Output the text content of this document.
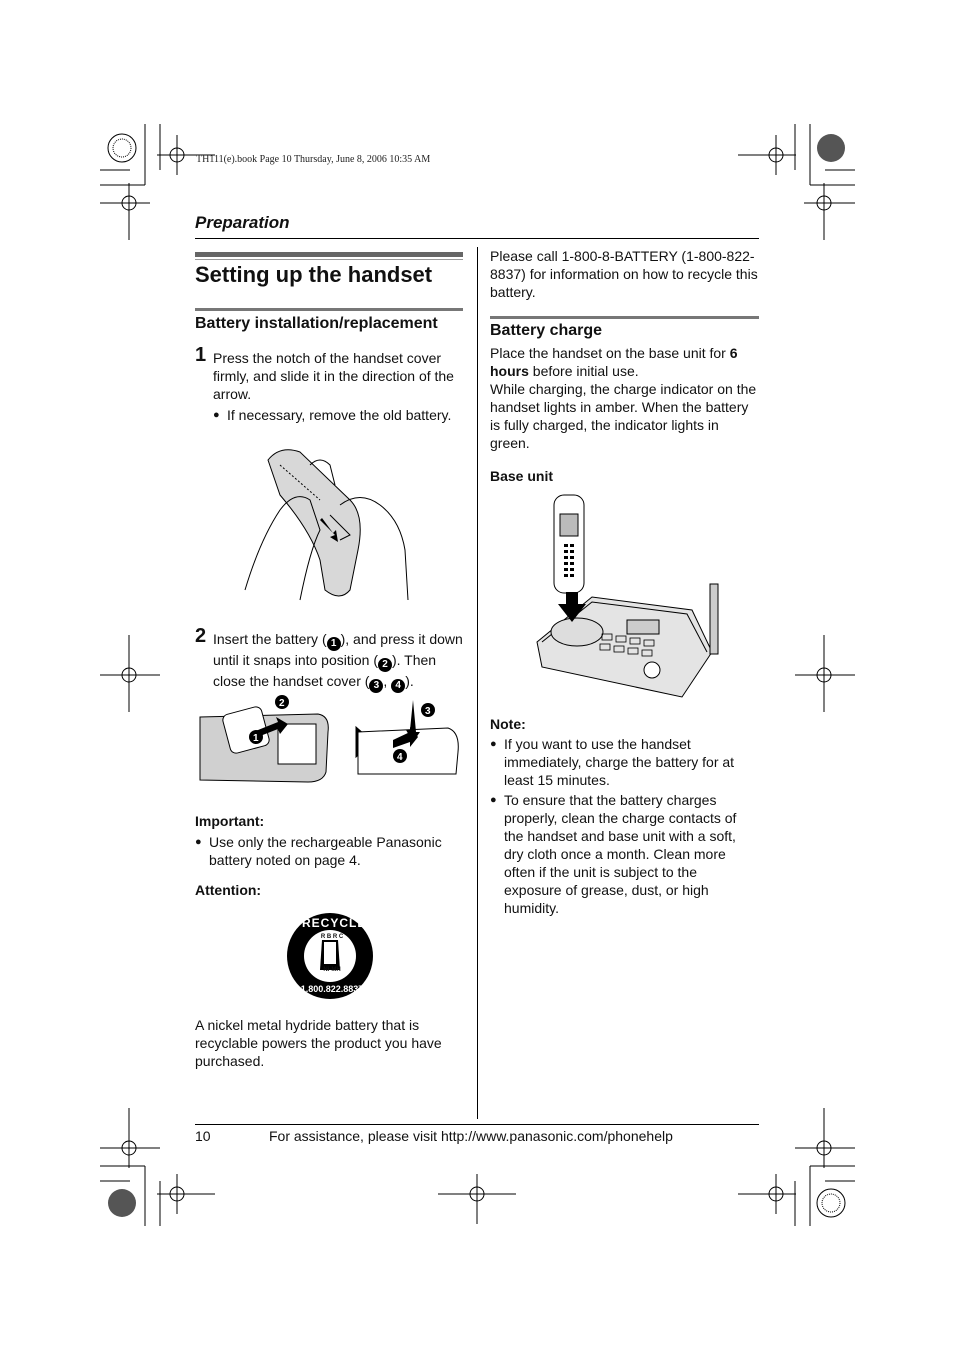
TH111(e).book Page 10 Thursday, June 8, 2006 10:35 AM
Preparation
Setting up the handset
Battery installation/replacement
1 Press the notch of the handset cover firmly, and slide it in the direction of the arrow.

● If necessary, remove the old battery.

2 Insert the battery ( 1 ), and press it down until it snaps into position ( 2 ). Then close the handset cover ( 3 , 4 ).

2
1
3
4
Important:

● Use only the rechargeable Panasonic battery noted on page 4.

Attention:
RECYCLE
R B R C
Ni-MH
1.800.822.8837

A nickel metal hydride battery that is recyclable powers the product you have purchased.

Please call 1-800-8-BATTERY (1-800-822-8837) for information on how to recycle this battery.

Battery charge

Place the handset on the base unit for 6 hours before initial use.

While charging, the charge indicator on the handset lights in amber. When the battery is fully charged, the indicator lights in green.

Base unit
Note:

● If you want to use the handset immediately, charge the battery for at least 15 minutes.

● To ensure that the battery charges properly, clean the charge contacts of the handset and base unit with a soft, dry cloth once a month. Clean more often if the unit is subject to the exposure of grease, dust, or high humidity.

10	For assistance, please visit http://www.panasonic.com/phonehelp
